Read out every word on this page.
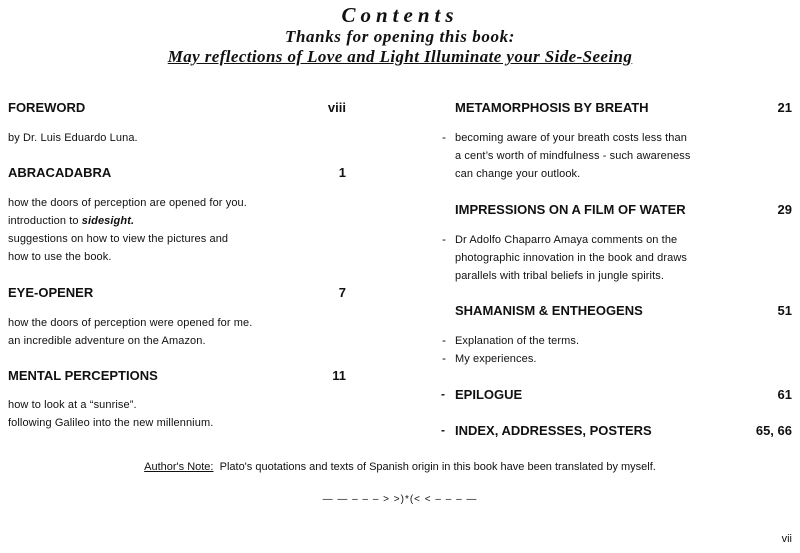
Contents
Thanks for opening this book:
May reflections of Love and Light Illuminate your Side-Seeing
FOREWORD	viii

by Dr. Luis Eduardo Luna.

ABRACADABRA	1

how the doors of perception are opened for you.

introduction to sidesight.

suggestions on how to view the pictures and

how to use the book.

EYE-OPENER	7

how the doors of perception were opened for me.

an incredible adventure on the Amazon.

MENTAL PERCEPTIONS	11

how to look at a “sunrise”.

following Galileo into the new millennium.

METAMORPHOSIS BY BREATH	21
- becoming aware of your breath costs less than

a cent’s worth of mindfulness - such awareness

can change your outlook.

IMPRESSIONS ON A FILM OF WATER	29
- Dr Adolfo Chaparro Amaya comments on the

photographic innovation in the book and draws

parallels with tribal beliefs in jungle spirits.

SHAMANISM & ENTHEOGENS	51
-
-

Explanation of the terms.

My experiences.

- EPILOGUE	61
- INDEX, ADDRESSES, POSTERS	65, 66
Author's Note: Plato's quotations and texts of Spanish origin in this book have been translated by myself.
— — – – – > >)*(< < – – – —
vii
